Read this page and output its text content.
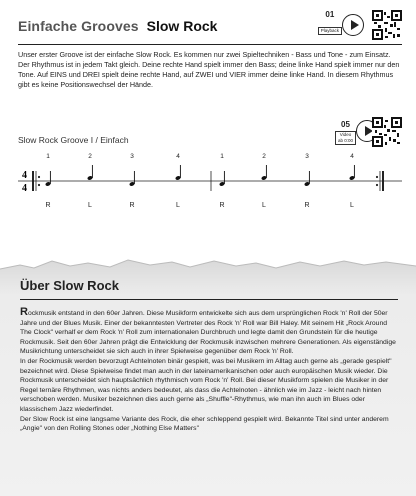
Einfache Grooves Slow Rock
01
Playback

Unser erster Groove ist der einfache Slow Rock. Es kommen nur zwei Spieltechniken - Bass und Tone - zum Einsatz. Der Rhythmus ist in jedem Takt gleich. Deine rechte Hand spielt immer den Bass; deine linke Hand spielt immer nur den Tone. Auf EINS und DREI spielt deine rechte Hand, auf ZWEI und VIER immer deine linke Hand. In diesem Rhythmus gibt es keine Positionswechsel der Hände.

Slow Rock Groove I / Einfach
05
Video
ab 0:00
4
4
1
R
2
L
3
R
4
L
1
R
2
L
3
R
4
L
Über Slow Rock

Rockmusik entstand in den 60er Jahren. Diese Musikform entwickelte sich aus dem ursprünglichen Rock 'n' Roll der 50er Jahre und der Blues Musik. Einer der bekanntesten Vertreter des Rock 'n' Roll war Bill Haley. Mit seinem Hit „Rock Around The Clock" verhalf er dem Rock 'n' Roll zum internationalen Durchbruch und legte damit den Grundstein für die heutige Rockmusik. Seit den 60er Jahren prägt die Entwicklung der Rockmusik inzwischen mehrere Generationen. Als eigenständige Musikrichtung unterscheidet sie sich auch in ihrer Spielweise gegenüber dem Rock 'n' Roll.

In der Rockmusik werden bevorzugt Achtelnoten binär gespielt, was bei Musikern im Alltag auch gerne als „gerade gespielt" bezeichnet wird. Diese Spielweise findet man auch in der lateinamerikanischen oder auch europäischen Musik wieder. Die Rockmusik unterscheidet sich hauptsächlich rhythmisch vom Rock 'n' Roll. Bei dieser Musikform spielen die Musiker in der Regel ternäre Rhythmen, was nichts anders bedeutet, als dass die Achtelnoten - ähnlich wie im Jazz - leicht nach hinten verschoben werden. Musiker bezeichnen dies auch gerne als „Shuffle"-Rhythmus, wie man ihn auch im Blues oder klassischem Jazz wiederfindet.

Der Slow Rock ist eine langsame Variante des Rock, die eher schleppend gespielt wird. Bekannte Titel sind unter anderem „Angie" von den Rolling Stones oder „Nothing Else Matters"
